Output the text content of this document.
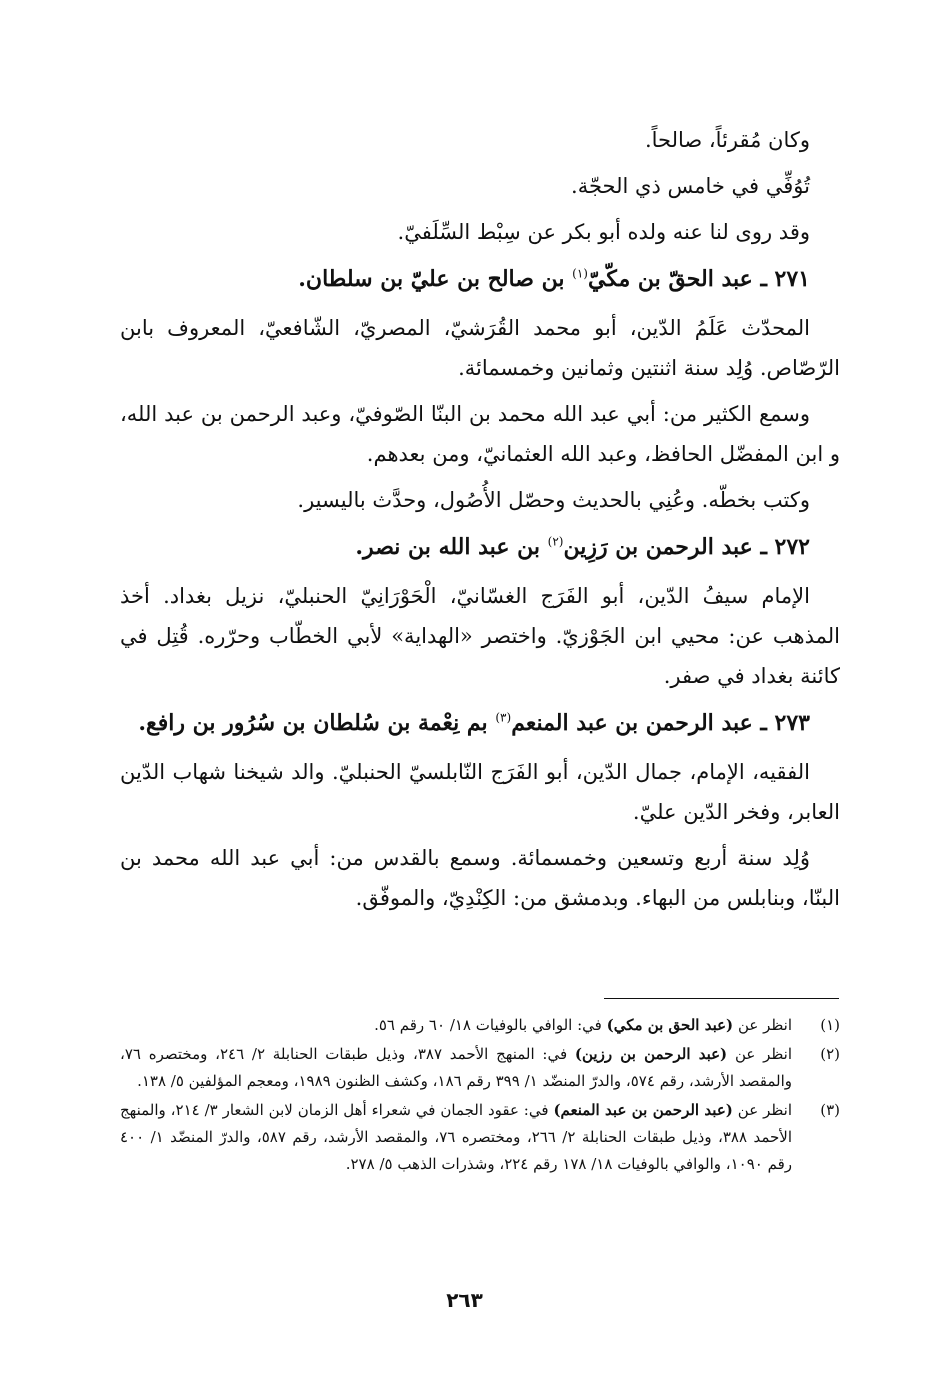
وكان مُقرئاً، صالحاً.

تُوُفِّي في خامس ذي الحجّة.

وقد روى لنا عنه ولده أبو بكر عن سِبْط السِّلَفيّ.

٢٧١ ـ عبد الحقّ بن مكّيّ$^{(١)}$ بن صالح بن عليّ بن سلطان.

المحدّث عَلَمُ الدّين، أبو محمد القُرَشيّ، المصريّ، الشّافعيّ، المعروف بابن الرّصّاص. وُلِد سنة اثنتين وثمانين وخمسمائة.

وسمع الكثير من: أبي عبد الله محمد بن البنّا الصّوفيّ، وعبد الرحمن بن عبد الله، و ابن المفضّل الحافظ، وعبد الله العثمانيّ، ومن بعدهم.

وكتب بخطّه. وعُنِي بالحديث وحصّل الأُصُول، وحدَّث باليسير.

٢٧٢ ـ عبد الرحمن بن رَزِين$^{(٢)}$ بن عبد الله بن نصر.

الإمام سيفُ الدّين، أبو الفَرَج الغسّانيّ، الْحَوْرَانِيّ الحنبليّ، نزيل بغداد. أخذ المذهب عن: محيي ابن الجَوْزيّ. واختصر «الهداية» لأبي الخطّاب وحرّره. قُتِل في كائنة بغداد في صفر.

٢٧٣ ـ عبد الرحمن بن عبد المنعم$^{(٣)}$ بم نِعْمة بن سُلطان بن سُرُور بن رافع.

الفقيه، الإمام، جمال الدّين، أبو الفَرَج النّابلسيّ الحنبليّ. والد شيخنا شهاب الدّين العابر، وفخر الدّين عليّ.

وُلِد سنة أربع وتسعين وخمسمائة. وسمع بالقدس من: أبي عبد الله محمد بن البنّا، وبنابلس من البهاء. وبدمشق من: الكِنْدِيّ، والموفّق.

(١)
انظر عن (عبد الحق بن مكي) في: الوافي بالوفيات ١٨/ ٦٠ رقم ٥٦.
(٢)
انظر عن (عبد الرحمن بن رزين) في: المنهج الأحمد ٣٨٧، وذيل طبقات الحنابلة ٢/ ٢٤٦، ومختصره ٧٦، والمقصد الأرشد، رقم ٥٧٤، والدرّ المنضّد ١/ ٣٩٩ رقم ١٨٦، وكشف الظنون ١٩٨٩، ومعجم المؤلفين ٥/ ١٣٨.
(٣)
انظر عن (عبد الرحمن بن عبد المنعم) في: عقود الجمان في شعراء أهل الزمان لابن الشعار ٣/ ٢١٤، والمنهج الأحمد ٣٨٨، وذيل طبقات الحنابلة ٢/ ٢٦٦، ومختصره ٧٦، والمقصد الأرشد، رقم ٥٨٧، والدرّ المنضّد ١/ ٤٠٠ رقم ١٠٩٠، والوافي بالوفيات ١٨/ ١٧٨ رقم ٢٢٤، وشذرات الذهب ٥/ ٢٧٨.
٢٦٣
